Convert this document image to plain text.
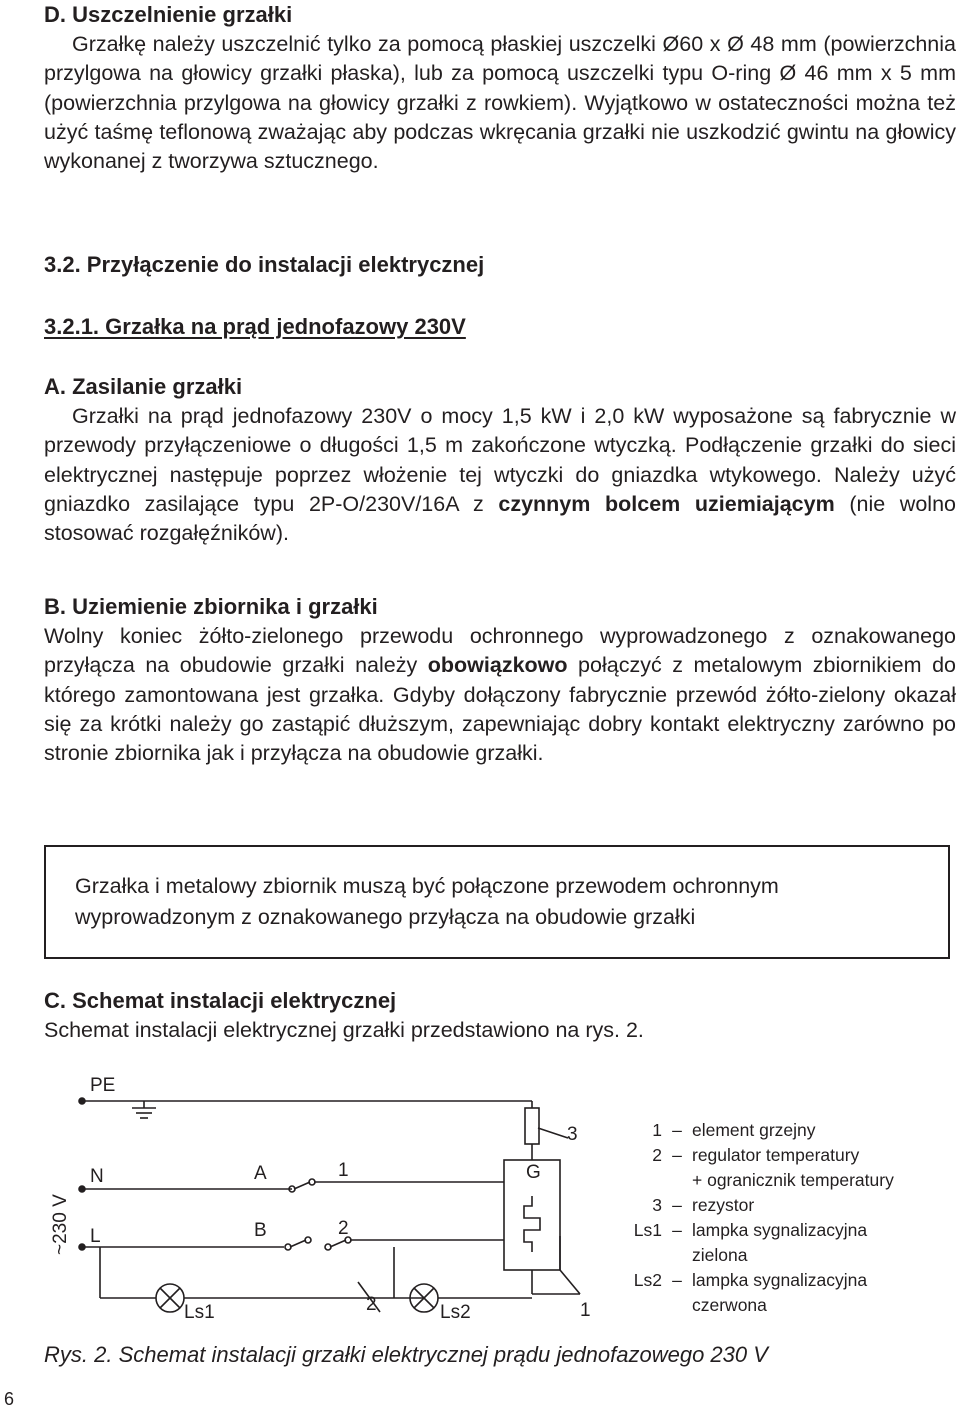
D. Uszczelnienie grzałki

Grzałkę należy uszczelnić tylko za pomocą płaskiej uszczelki Ø60 x Ø 48 mm (powierzchnia przylgowa na głowicy grzałki płaska), lub za pomocą uszczelki typu O-ring Ø 46 mm x 5 mm (powierzchnia przylgowa na głowicy grzałki z rowkiem). Wyjątkowo w ostateczności można też użyć taśmę teflonową zważając aby podczas wkręcania grzałki nie uszkodzić gwintu na głowicy wykonanej z tworzywa sztucznego.

3.2. Przyłączenie do instalacji elektrycznej

3.2.1. Grzałka na prąd jednofazowy 230V

A. Zasilanie grzałki

Grzałki na prąd jednofazowy 230V o mocy 1,5 kW i 2,0 kW wyposażone są fabrycznie w przewody przyłączeniowe o długości 1,5 m zakończone wtyczką. Podłączenie grzałki do sieci elektrycznej następuje poprzez włożenie tej wtyczki do gniazdka wtykowego. Należy użyć gniazdko zasilające typu 2P-O/230V/16A z czynnym bolcem uziemiającym (nie wolno stosować rozgałęźników).

B. Uziemienie zbiornika i grzałki

Wolny koniec żółto-zielonego przewodu ochronnego wyprowadzonego z oznakowanego przyłącza na obudowie grzałki należy obowiązkowo połączyć z metalowym zbiornikiem do którego zamontowana jest grzałka. Gdyby dołączony fabrycznie przewód żółto-zielony okazał się za krótki należy go zastąpić dłuższym, zapewniając dobry kontakt elektryczny zarówno po stronie zbiornika jak i przyłącza na obudowie grzałki.

Grzałka i metalowy zbiornik muszą być połączone przewodem ochronnym
wyprowadzonym z oznakowanego przyłącza na obudowie grzałki

C. Schemat instalacji elektrycznej

Schemat instalacji elektrycznej grzałki przedstawiono na rys. 2.

PE
3
~230 V
N	A	1
L	B	2
G
1
Ls1	Ls2
2
1 – element grzejny
2 – regulator temperatury
+ ogranicznik temperatury
3 – rezystor
Ls1 – lampka sygnalizacyjna
zielona
Ls2 – lampka sygnalizacyjna
czerwona
Rys. 2. Schemat instalacji grzałki elektrycznej prądu jednofazowego 230 V
6
